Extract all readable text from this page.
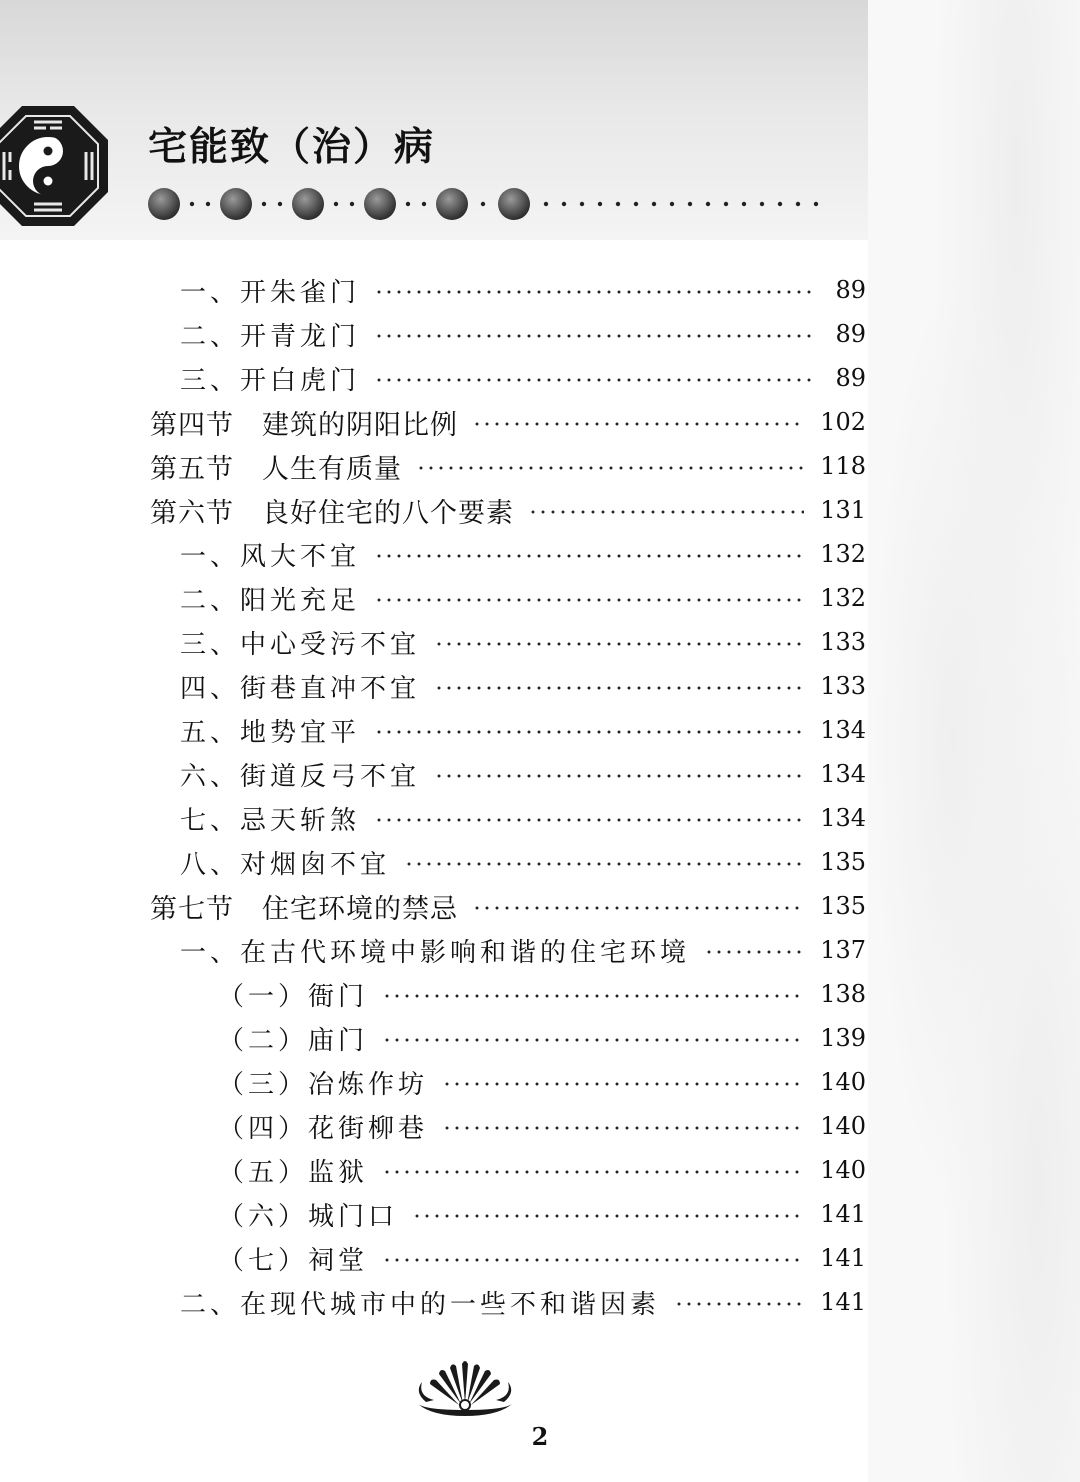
宅能致（治）病
一、开朱雀门	89
二、开青龙门	89
三、开白虎门	89
第四节　建筑的阴阳比例	102
第五节　人生有质量	118
第六节　良好住宅的八个要素	131
一、风大不宜	132
二、阳光充足	132
三、中心受污不宜	133
四、街巷直冲不宜	133
五、地势宜平	134
六、街道反弓不宜	134
七、忌天斩煞	134
八、对烟囱不宜	135
第七节　住宅环境的禁忌	135
一、在古代环境中影响和谐的住宅环境	137
（一）衙门	138
（二）庙门	139
（三）冶炼作坊	140
（四）花街柳巷	140
（五）监狱	140
（六）城门口	141
（七）祠堂	141
二、在现代城市中的一些不和谐因素	141
2
